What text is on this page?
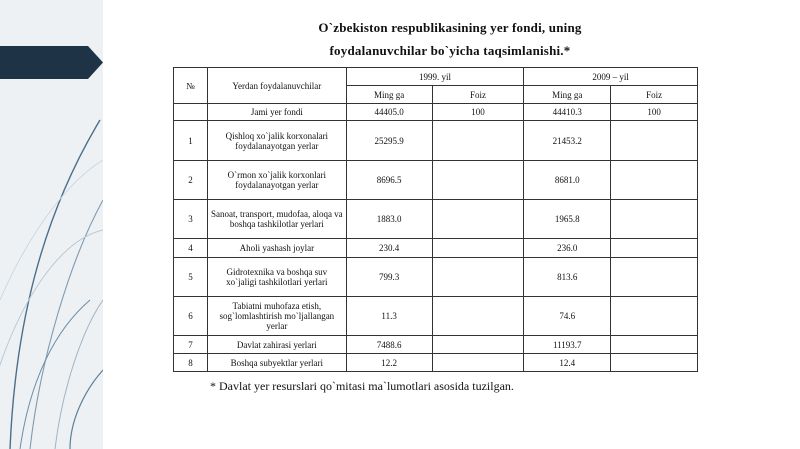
O`zbekiston respublikasining yer fondi, uning
foydalanuvchilar bo`yicha taqsimlanishi.*
№	Yerdan foydalanuvchilar	1999. yil		2009 – yil	
		Ming ga	Foiz	Ming ga	Foiz
	Jami yer fondi	44405.0	100	44410.3	100
1	Qishloq xo`jalik korxonalari foydalanayotgan yerlar	25295.9		21453.2	
2	O`rmon xo`jalik korxonlari foydalanayotgan yerlar	8696.5		8681.0	
3	Sanoat, transport, mudofaa, aloqa va boshqa tashkilotlar yerlari	1883.0		1965.8	
4	Aholi yashash joylar	230.4		236.0	
5	Gidrotexnika va boshqa suv xo`jaligi tashkilotlari yerlari	799.3		813.6	
6	Tabiatni muhofaza etish, sog`lomlashtirish mo`ljallangan yerlar	11.3		74.6	
7	Davlat zahirasi yerlari	7488.6		11193.7	
8	Boshqa subyektlar yerlari	12.2		12.4	
* Davlat yer resurslari qo`mitasi ma`lumotlari asosida tuzilgan.
